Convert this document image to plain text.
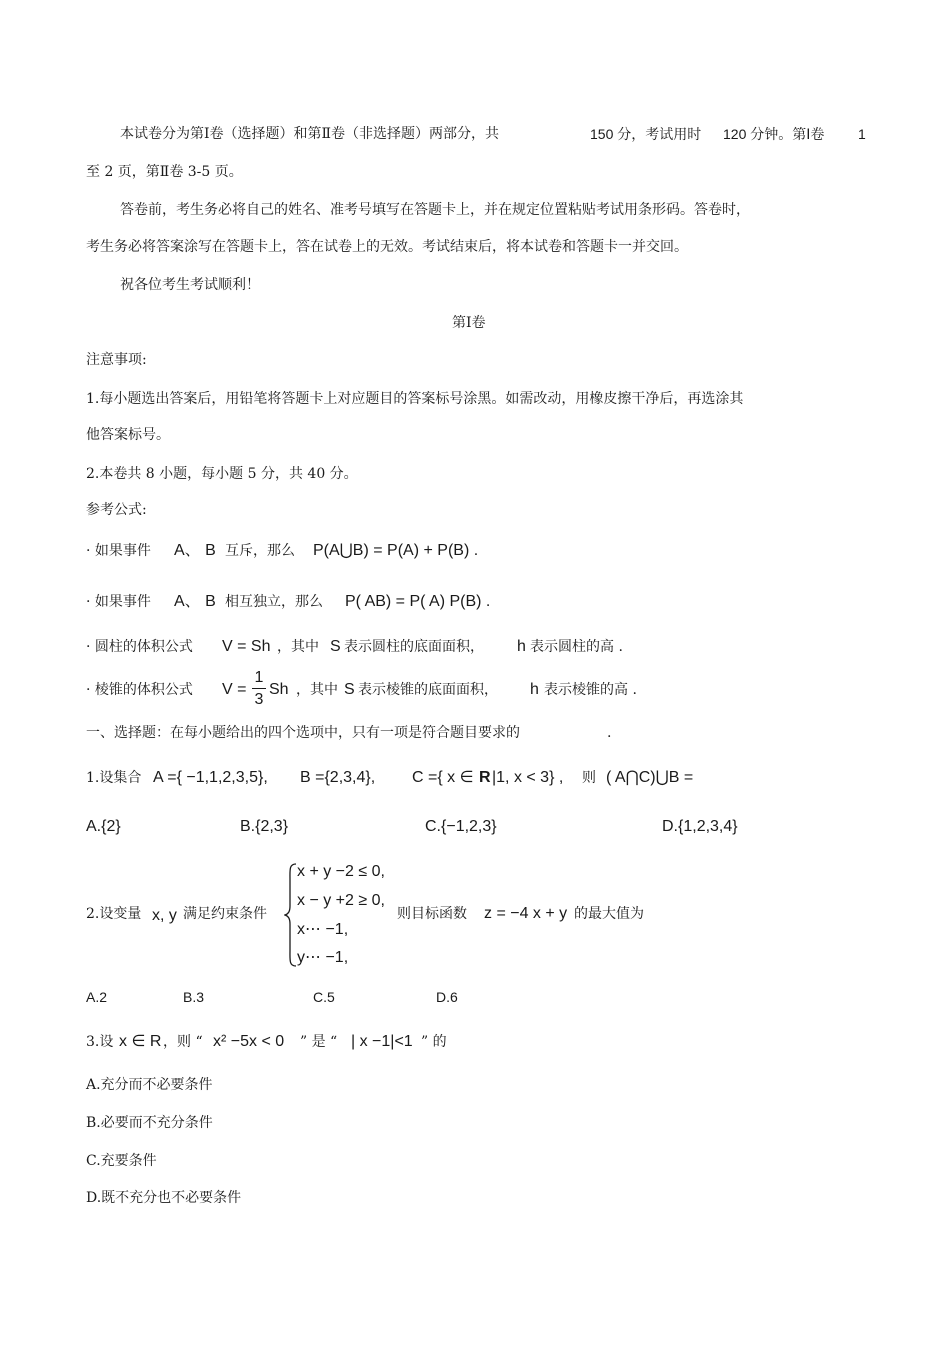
本试卷分为第Ⅰ卷（选择题）和第Ⅱ卷（非选择题）两部分，共	150 分，考试用时 120 分钟。第Ⅰ卷 1
至 2 页，第Ⅱ卷 3-5 页。
答卷前，考生务必将自己的姓名、准考号填写在答题卡上，并在规定位置粘贴考试用条形码。答卷时，
考生务必将答案涂写在答题卡上，答在试卷上的无效。考试结束后，将本试卷和答题卡一并交回。
祝各位考生考试顺利！
第Ⅰ卷
注意事项:
1.每小题选出答案后，用铅笔将答题卡上对应题目的答案标号涂黑。如需改动，用橡皮擦干净后，再选涂其
他答案标号。
2.本卷共 8 小题，每小题 5 分，共 40 分。
参考公式:
· 如果事件 A、 B 互斥，那么 P(A⋃B) = P(A) + P(B) .
· 如果事件 A、 B 相互独立，那么 P( AB) = P( A) P(B) .
· 圆柱的体积公式 V = Sh ，其中 S 表示圆柱的底面面积， h 表示圆柱的高 .
· 棱锥的体积公式 $V = \frac{1}{3}$ Sh ，其中 S 表示棱锥的底面面积， h 表示棱锥的高 .
一、选择题：在每小题给出的四个选项中，只有一项是符合题目要求的	.
1.设集合 A ={ −1,1,2,3,5}, B ={2,3,4}, C ={ x ∈ R |1, x < 3} , 则 ( A⋂C)⋃B =
A.{2}	B.{2,3}	C.{−1,2,3}	D.{1,2,3,4}
2.设变量 x, y 满足约束条件
x + y −2 ≤ 0,
x − y +2 ≥ 0,
x⋯ −1,
y⋯ −1,
则目标函数 z = −4 x + y 的最大值为
A.2	B.3	C.5	D.6
3.设 x ∈ R ，则 “ x² −5x < 0 ” 是 “ | x −1|<1 ” 的
A.充分而不必要条件
B.必要而不充分条件
C.充要条件
D.既不充分也不必要条件
